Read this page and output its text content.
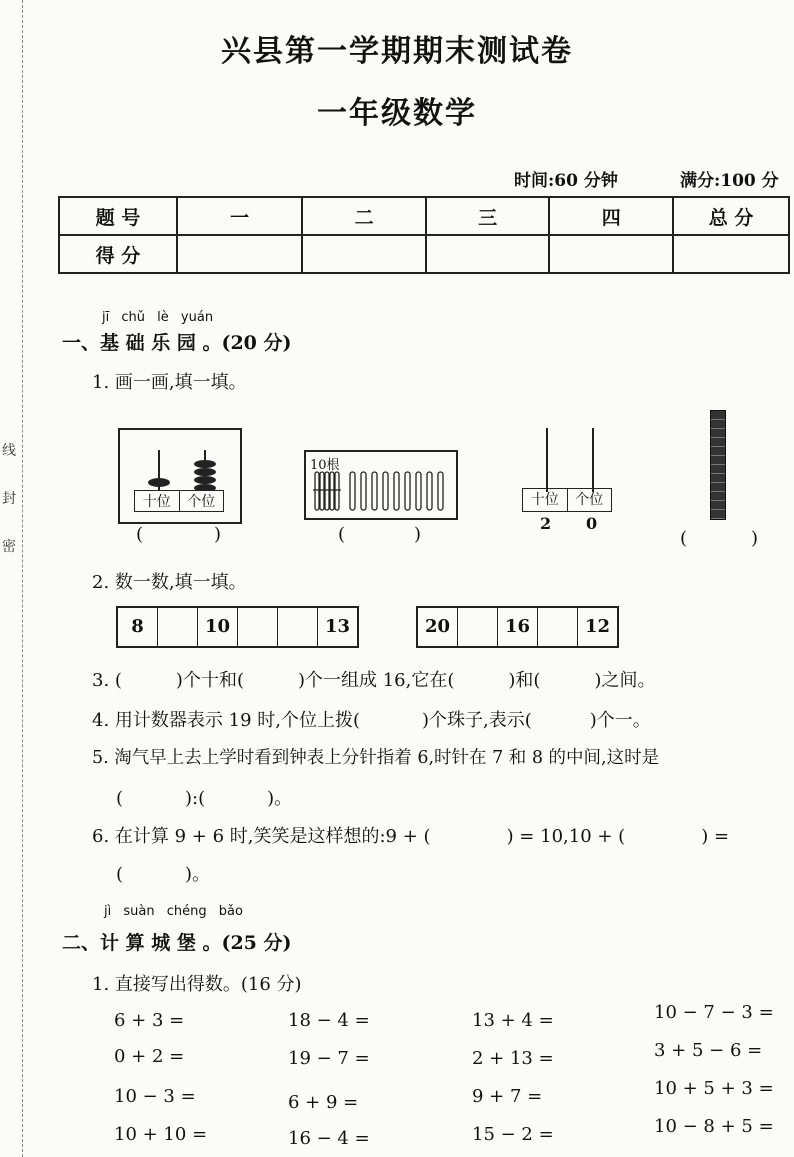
线
封
密
兴县第一学期期末测试卷
一年级数学
时间:60 分钟	满分:100 分
题 号	一	二	三	四	总 分
得 分					
jī chǔ lè yuán
一、基 础 乐 园 。(20 分)
1. 画一画,填一填。
十位	个位
(	)
10根
(	)
十位	个位
2 0
(	)
2. 数一数,填一填。
8	10	13	20	16	12
3. (	)个十和(	)个一组成 16,它在(	)和(	)之间。
4. 用计数器表示 19 时,个位上拨(	)个珠子,表示(	)个一。
5. 淘气早上去上学时看到钟表上分针指着 6,时针在 7 和 8 的中间,这时是
(	):(	)。
6. 在计算 9 + 6 时,笑笑是这样想的:9 + (	) = 10,10 + (	) =
(	)。
jì suàn chéng bǎo
二、计 算 城 堡 。(25 分)
1. 直接写出得数。(16 分)
6 + 3 =	18 − 4 =	13 + 4 =	10 − 7 − 3 =
0 + 2 =	19 − 7 =	2 + 13 =	3 + 5 − 6 =
10 − 3 =	6 + 9 =	9 + 7 =	10 + 5 + 3 =
10 + 10 =	16 − 4 =	15 − 2 =	10 − 8 + 5 =
